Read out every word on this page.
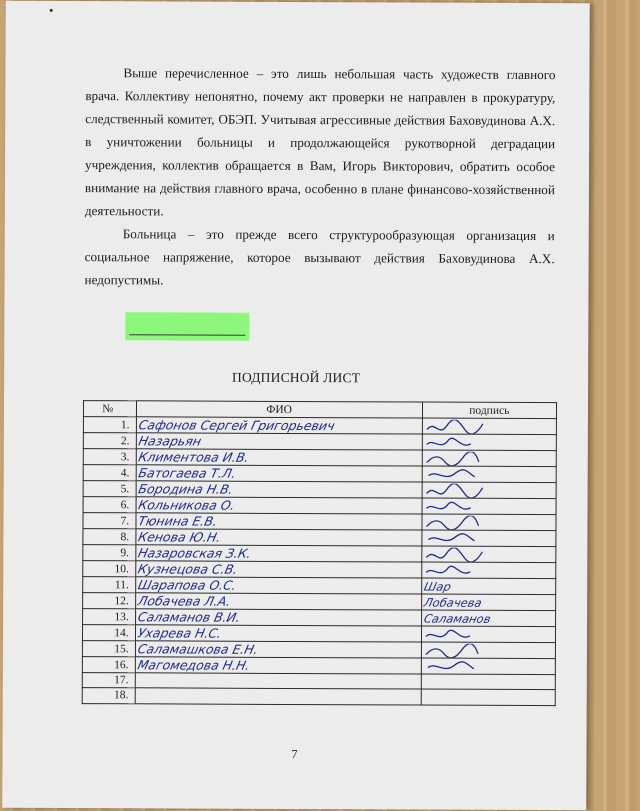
Выше перечисленное – это лишь небольшая часть художеств главного врача. Коллективу непонятно, почему акт проверки не направлен в прокуратуру, следственный комитет, ОБЭП. Учитывая агрессивные действия Баховудинова А.Х. в уничтожении больницы и продолжающейся рукотворной деградации учреждения, коллектив обращается в Вам, Игорь Викторович, обратить особое внимание на действия главного врача, особенно в плане финансово-хозяйственной деятельности.

Больница – это прежде всего структурообразующая организация и социальное напряжение, которое вызывают действия Баховудинова А.Х. недопустимы.

ПОДПИСНОЙ ЛИСТ
№	ФИО	подпись
1.	Сафонов Сергей Григорьевич	
2.	Назарьян	
3.	Климентова И.В.	
4.	Батогаева Т.Л.	
5.	Бородина Н.В.	
6.	Кольникова О.	
7.	Тюнина Е.В.	
8.	Кенова Ю.Н.	
9.	Назаровская З.К.	
10.	Кузнецова С.В.	
11.	Шарапова О.С.	Шар
12.	Лобачева Л.А.	Лобачева
13.	Саламанов В.И.	Саламанов
14.	Ухарева Н.С.	
15.	Саламашкова Е.Н.	
16.	Магомедова Н.Н.	
17.		
18.		
7
